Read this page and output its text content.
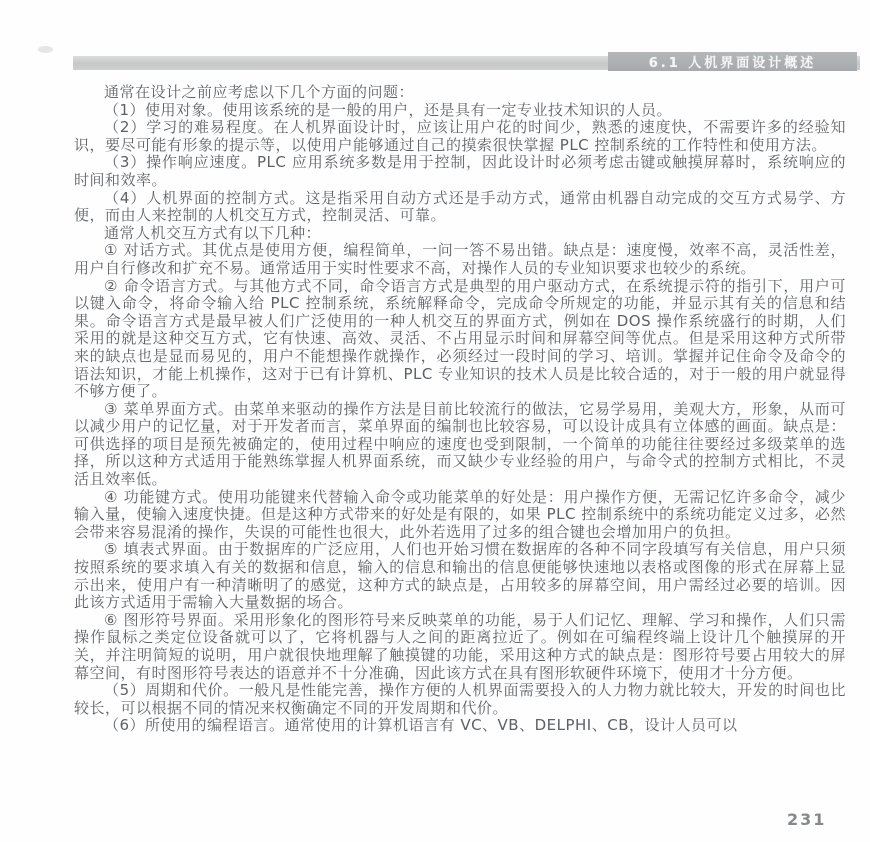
6.1 人机界面设计概述

通常在设计之前应考虑以下几个方面的问题：

（1）使用对象。使用该系统的是一般的用户，还是具有一定专业技术知识的人员。

（2）学习的难易程度。在人机界面设计时，应该让用户花的时间少，熟悉的速度快，不需要许多的经验知识，要尽可能有形象的提示等，以使用户能够通过自己的摸索很快掌握 PLC 控制系统的工作特性和使用方法。

（3）操作响应速度。PLC 应用系统多数是用于控制，因此设计时必须考虑击键或触摸屏幕时，系统响应的时间和效率。

（4）人机界面的控制方式。这是指采用自动方式还是手动方式，通常由机器自动完成的交互方式易学、方便，而由人来控制的人机交互方式，控制灵活、可靠。

通常人机交互方式有以下几种：

① 对话方式。其优点是使用方便，编程简单，一问一答不易出错。缺点是：速度慢，效率不高，灵活性差，用户自行修改和扩充不易。通常适用于实时性要求不高，对操作人员的专业知识要求也较少的系统。

② 命令语言方式。与其他方式不同，命令语言方式是典型的用户驱动方式，在系统提示符的指引下，用户可以键入命令，将命令输入给 PLC 控制系统，系统解释命令，完成命令所规定的功能，并显示其有关的信息和结果。命令语言方式是最早被人们广泛使用的一种人机交互的界面方式，例如在 DOS 操作系统盛行的时期，人们采用的就是这种交互方式，它有快速、高效、灵活、不占用显示时间和屏幕空间等优点。但是采用这种方式所带来的缺点也是显而易见的，用户不能想操作就操作，必须经过一段时间的学习、培训。掌握并记住命令及命令的语法知识，才能上机操作，这对于已有计算机、PLC 专业知识的技术人员是比较合适的，对于一般的用户就显得不够方便了。

③ 菜单界面方式。由菜单来驱动的操作方法是目前比较流行的做法，它易学易用，美观大方，形象，从而可以减少用户的记忆量，对于开发者而言，菜单界面的编制也比较容易，可以设计成具有立体感的画面。缺点是：可供选择的项目是预先被确定的，使用过程中响应的速度也受到限制，一个简单的功能往往要经过多级菜单的选择，所以这种方式适用于能熟练掌握人机界面系统，而又缺少专业经验的用户，与命令式的控制方式相比，不灵活且效率低。

④ 功能键方式。使用功能键来代替输入命令或功能菜单的好处是：用户操作方便，无需记忆许多命令，减少输入量，使输入速度快捷。但是这种方式带来的好处是有限的，如果 PLC 控制系统中的系统功能定义过多，必然会带来容易混淆的操作，失误的可能性也很大，此外若选用了过多的组合键也会增加用户的负担。

⑤ 填表式界面。由于数据库的广泛应用，人们也开始习惯在数据库的各种不同字段填写有关信息，用户只须按照系统的要求填入有关的数据和信息，输入的信息和输出的信息便能够快速地以表格或图像的形式在屏幕上显示出来，使用户有一种清晰明了的感觉，这种方式的缺点是，占用较多的屏幕空间，用户需经过必要的培训。因此该方式适用于需输入大量数据的场合。

⑥ 图形符号界面。采用形象化的图形符号来反映菜单的功能，易于人们记忆、理解、学习和操作，人们只需操作鼠标之类定位设备就可以了，它将机器与人之间的距离拉近了。例如在可编程终端上设计几个触摸屏的开关，并注明简短的说明，用户就很快地理解了触摸键的功能，采用这种方式的缺点是：图形符号要占用较大的屏幕空间，有时图形符号表达的语意并不十分准确，因此该方式在具有图形软硬件环境下，使用才十分方便。

（5）周期和代价。一般凡是性能完善，操作方便的人机界面需要投入的人力物力就比较大，开发的时间也比较长，可以根据不同的情况来权衡确定不同的开发周期和代价。

（6）所使用的编程语言。通常使用的计算机语言有 VC、VB、DELPHI、CB，设计人员可以

231
